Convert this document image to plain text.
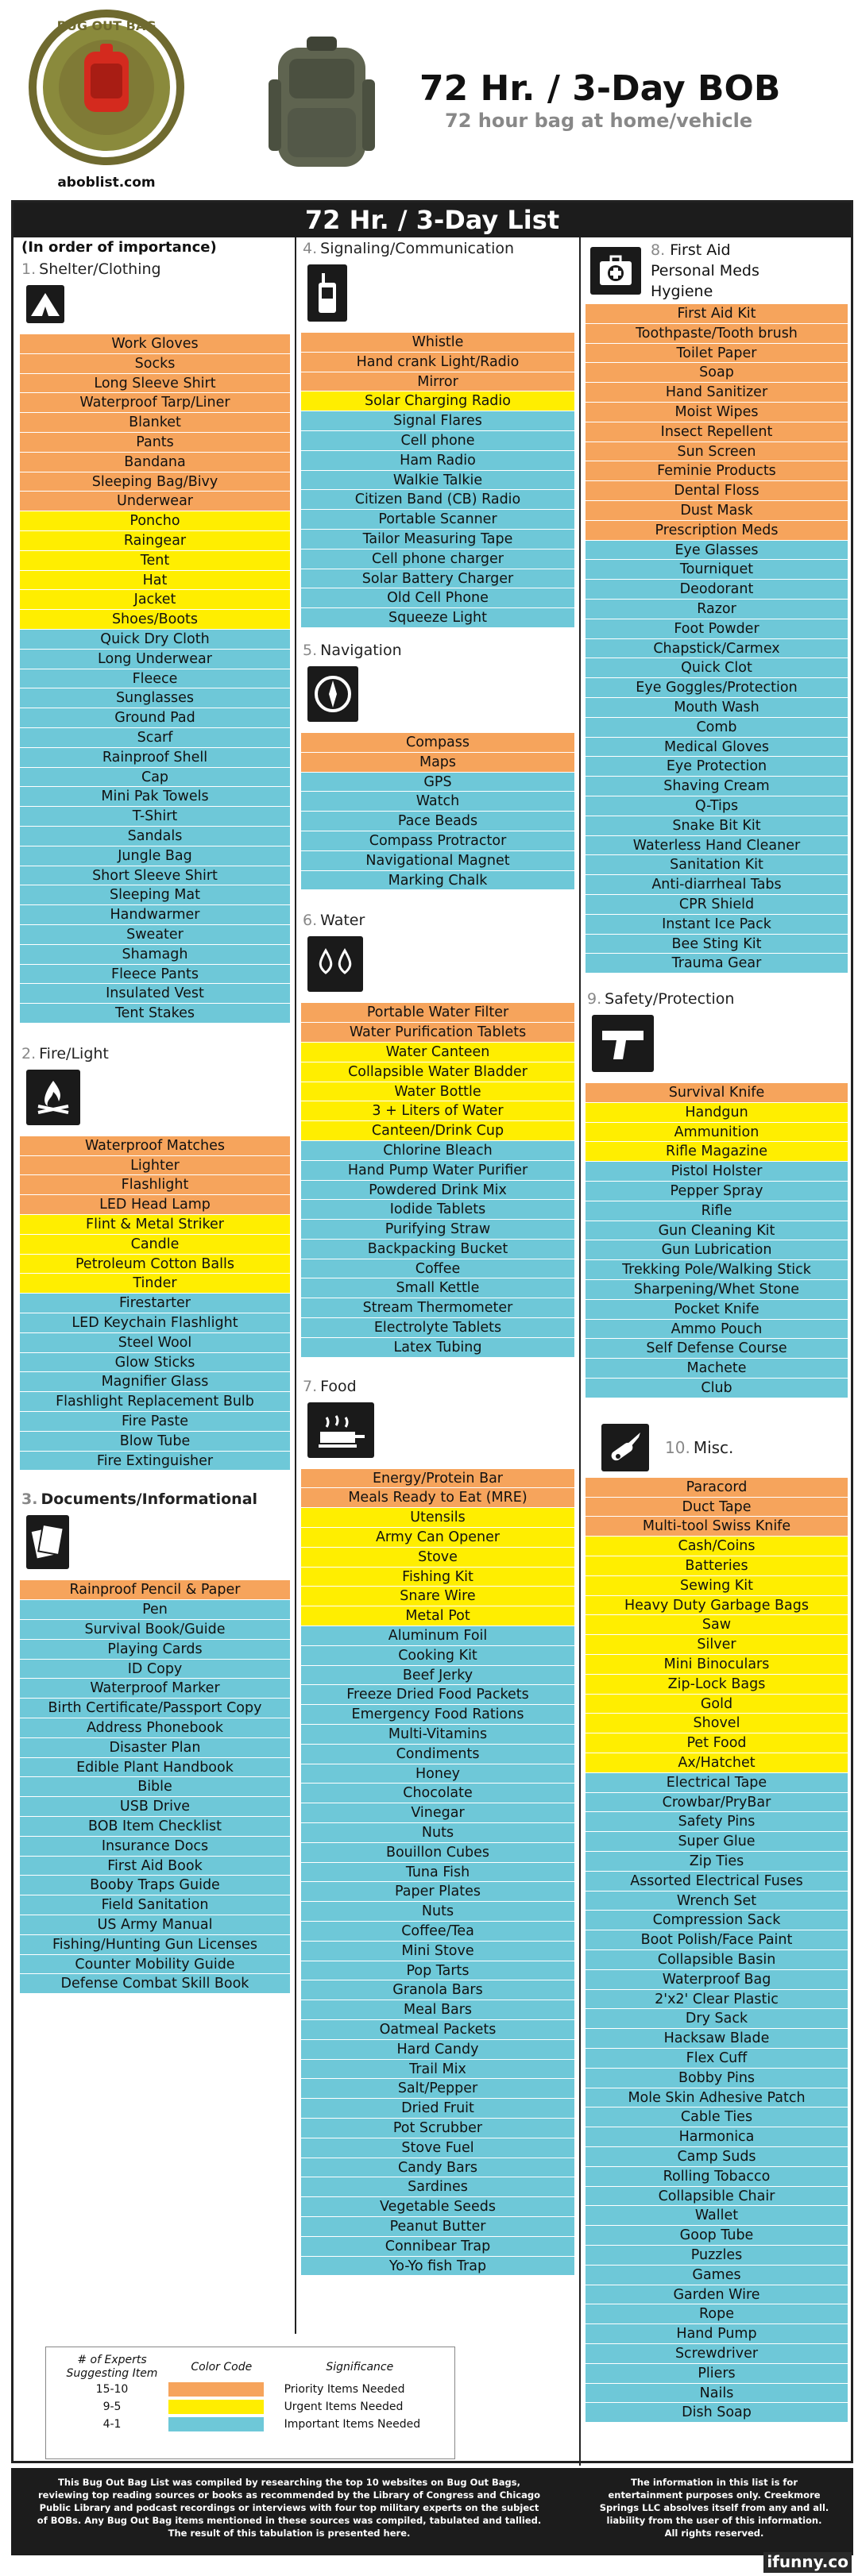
BUG OUT BAG
aboblist.com
72 Hr. / 3-Day BOB
72 hour bag at home/vehicle
72 Hr. / 3-Day List
(In order of importance)
1. Shelter/Clothing
Work Gloves
Socks
Long Sleeve Shirt
Waterproof Tarp/Liner
Blanket
Pants
Bandana
Sleeping Bag/Bivy
Underwear
Poncho
Raingear
Tent
Hat
Jacket
Shoes/Boots
Quick Dry Cloth
Long Underwear
Fleece
Sunglasses
Ground Pad
Scarf
Rainproof Shell
Cap
Mini Pak Towels
T-Shirt
Sandals
Jungle Bag
Short Sleeve Shirt
Sleeping Mat
Handwarmer
Sweater
Shamagh
Fleece Pants
Insulated Vest
Tent Stakes
2. Fire/Light
Waterproof Matches
Lighter
Flashlight
LED Head Lamp
Flint & Metal Striker
Candle
Petroleum Cotton Balls
Tinder
Firestarter
LED Keychain Flashlight
Steel Wool
Glow Sticks
Magnifier Glass
Flashlight Replacement Bulb
Fire Paste
Blow Tube
Fire Extinguisher
3. Documents/Informational
Rainproof Pencil & Paper
Pen
Survival Book/Guide
Playing Cards
ID Copy
Waterproof Marker
Birth Certificate/Passport Copy
Address Phonebook
Disaster Plan
Edible Plant Handbook
Bible
USB Drive
BOB Item Checklist
Insurance Docs
First Aid Book
Booby Traps Guide
Field Sanitation
US Army Manual
Fishing/Hunting Gun Licenses
Counter Mobility Guide
Defense Combat Skill Book
4. Signaling/Communication
Whistle
Hand crank Light/Radio
Mirror
Solar Charging Radio
Signal Flares
Cell phone
Ham Radio
Walkie Talkie
Citizen Band (CB) Radio
Portable Scanner
Tailor Measuring Tape
Cell phone charger
Solar Battery Charger
Old Cell Phone
Squeeze Light
5. Navigation
Compass
Maps
GPS
Watch
Pace Beads
Compass Protractor
Navigational Magnet
Marking Chalk
6. Water
Portable Water Filter
Water Purification Tablets
Water Canteen
Collapsible Water Bladder
Water Bottle
3 + Liters of Water
Canteen/Drink Cup
Chlorine Bleach
Hand Pump Water Purifier
Powdered Drink Mix
Iodide Tablets
Purifying Straw
Backpacking Bucket
Coffee
Small Kettle
Stream Thermometer
Electrolyte Tablets
Latex Tubing
7. Food
Energy/Protein Bar
Meals Ready to Eat (MRE)
Utensils
Army Can Opener
Stove
Fishing Kit
Snare Wire
Metal Pot
Aluminum Foil
Cooking Kit
Beef Jerky
Freeze Dried Food Packets
Emergency Food Rations
Multi-Vitamins
Condiments
Honey
Chocolate
Vinegar
Nuts
Bouillon Cubes
Tuna Fish
Paper Plates
Nuts
Coffee/Tea
Mini Stove
Pop Tarts
Granola Bars
Meal Bars
Oatmeal Packets
Hard Candy
Trail Mix
Salt/Pepper
Dried Fruit
Pot Scrubber
Stove Fuel
Candy Bars
Sardines
Vegetable Seeds
Peanut Butter
Connibear Trap
Yo-Yo fish Trap
8. First Aid
Personal Meds
Hygiene
First Aid Kit
Toothpaste/Tooth brush
Toilet Paper
Soap
Hand Sanitizer
Moist Wipes
Insect Repellent
Sun Screen
Feminie Products
Dental Floss
Dust Mask
Prescription Meds
Eye Glasses
Tourniquet
Deodorant
Razor
Foot Powder
Chapstick/Carmex
Quick Clot
Eye Goggles/Protection
Mouth Wash
Comb
Medical Gloves
Eye Protection
Shaving Cream
Q-Tips
Snake Bit Kit
Waterless Hand Cleaner
Sanitation Kit
Anti-diarrheal Tabs
CPR Shield
Instant Ice Pack
Bee Sting Kit
Trauma Gear
9. Safety/Protection
Survival Knife
Handgun
Ammunition
Rifle Magazine
Pistol Holster
Pepper Spray
Rifle
Gun Cleaning Kit
Gun Lubrication
Trekking Pole/Walking Stick
Sharpening/Whet Stone
Pocket Knife
Ammo Pouch
Self Defense Course
Machete
Club
10. Misc.
Paracord
Duct Tape
Multi-tool Swiss Knife
Cash/Coins
Batteries
Sewing Kit
Heavy Duty Garbage Bags
Saw
Silver
Mini Binoculars
Zip-Lock Bags
Gold
Shovel
Pet Food
Ax/Hatchet
Electrical Tape
Crowbar/PryBar
Safety Pins
Super Glue
Zip Ties
Assorted Electrical Fuses
Wrench Set
Compression Sack
Boot Polish/Face Paint
Collapsible Basin
Waterproof Bag
2'x2' Clear Plastic
Dry Sack
Hacksaw Blade
Flex Cuff
Bobby Pins
Mole Skin Adhesive Patch
Cable Ties
Harmonica
Camp Suds
Rolling Tobacco
Collapsible Chair
Wallet
Goop Tube
Puzzles
Games
Garden Wire
Rope
Hand Pump
Screwdriver
Pliers
Nails
Dish Soap
# of Experts Suggesting Item	Color Code	Significance
15-10		Priority Items Needed
9-5		Urgent Items Needed
4-1		Important Items Needed
This Bug Out Bag List was compiled by researching the top 10 websites on Bug Out Bags, reviewing top reading sources or books as recommended by the Library of Congress and Chicago Public Library and podcast recordings or interviews with four top military experts on the subject of BOBs. Any Bug Out Bag items mentioned in these sources was compiled, tabulated and tallied. The result of this tabulation is presented here.
The information in this list is for entertainment purposes only. Creekmore Springs LLC absolves itself from any and all. liability from the user of this information. All rights reserved.
ifunny.co
